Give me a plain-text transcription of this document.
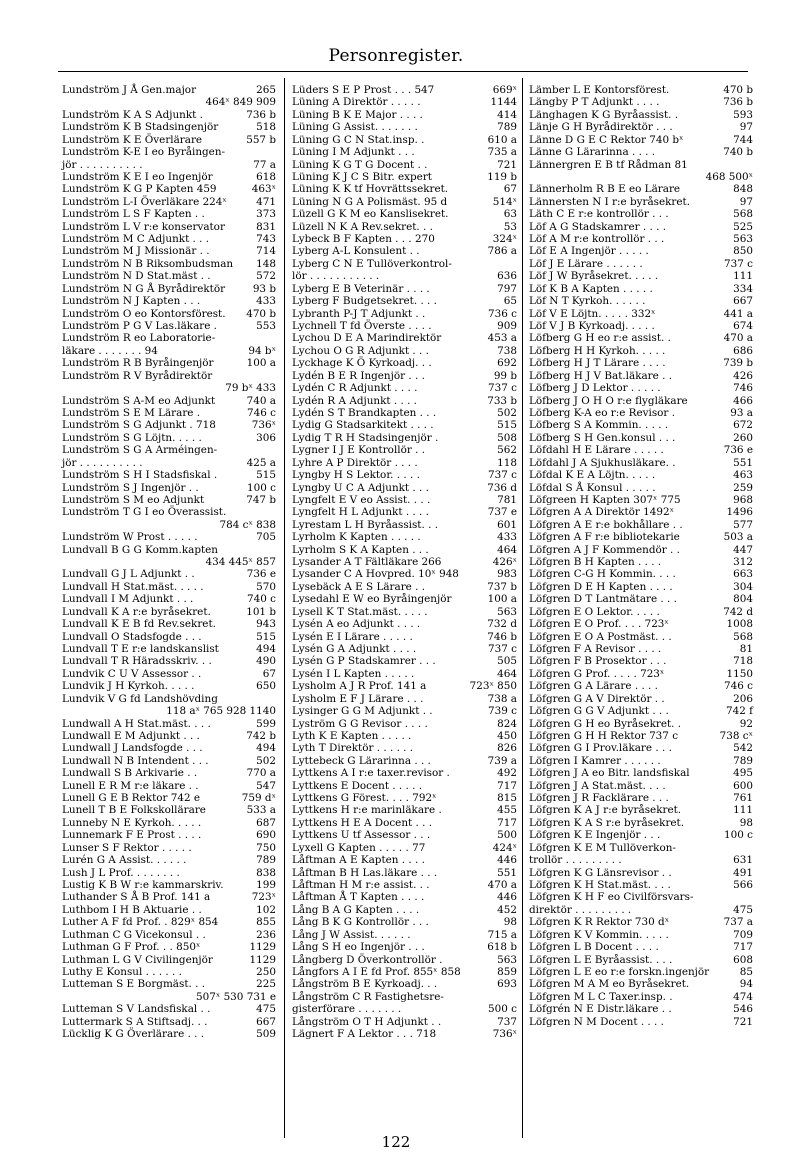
Personregister.
Lundström J Å Gen.major	265
464ˣ 849 909
Lundström K A S Adjunkt .	736 b
Lundström K B Stadsingenjör	518
Lundström K E Överlärare	557 b
Lundström K-E I eo Byråingen-
jör . . . . . . . . . .	77 a
Lundström K E I eo Ingenjör	618
Lundström K G P Kapten 459	463ˣ
Lundström L-I Överläkare 224ˣ	471
Lundström L S F Kapten . .	373
Lundström L V r:e konservator	831
Lundström M C Adjunkt . . .	743
Lundström M J Missionär . .	714
Lundström N B Riksombudsman	148
Lundström N D Stat.mäst . .	572
Lundström N G Å Byrådirektör	93 b
Lundström N J Kapten . . .	433
Lundström O eo Kontorsförest.	470 b
Lundström P G V Las.läkare .	553
Lundström R eo Laboratorie-
läkare . . . . . . . 94	94 bˣ
Lundström R B Byråingenjör	100 a
Lundström R V Byrådirektör
79 bˣ 433
Lundström S A-M eo Adjunkt	740 a
Lundström S E M Lärare .	746 c
Lundström S G Adjunkt . 718	736ˣ
Lundström S G Löjtn. . . . .	306
Lundström S G A Arméingen-
jör . . . . . . . . . .	425 a
Lundström S H I Stadsfiskal .	515
Lundström S J Ingenjör . .	100 c
Lundström S M eo Adjunkt	747 b
Lundström T G I eo Överassist.
784 cˣ 838
Lundström W Prost . . . . .	705
Lundvall B G G Komm.kapten
434 445ˣ 857
Lundvall G J L Adjunkt . .	736 e
Lundvall H Stat.mäst. . . . .	570
Lundvall I M Adjunkt . . .	740 c
Lundvall K A r:e byråsekret.	101 b
Lundvall K E B fd Rev.sekret.	943
Lundvall O Stadsfogde . . .	515
Lundvall T E r:e landskanslist	494
Lundvall T R Häradsskriv. . .	490
Lundvik C U V Assessor . .	67
Lundvik J H Kyrkoh. . . . .	650
Lundvik V G fd Landshövding
118 aˣ 765 928 1140
Lundwall A H Stat.mäst. . . .	599
Lundwall E M Adjunkt . . .	742 b
Lundwall J Landsfogde . . .	494
Lundwall N B Intendent . . .	502
Lundwall S B Arkivarie . .	770 a
Lunell E R M r:e läkare . .	547
Lunell G E B Rektor 742 e	759 dˣ
Lunell T B E Folkskollärare	533 a
Lunneby N E Kyrkoh. . . . .	687
Lunnemark F E Prost . . . .	690
Lunser S F Rektor . . . . .	750
Lurén G A Assist. . . . . .	789
Lush J L Prof. . . . . . . .	838
Lustig K B W r:e kammarskriv.	199
Luthander S Å B Prof. 141 a	723ˣ
Luthbom I H B Aktuarie . .	102
Luther A F fd Prof. . 829ˣ 854	855
Luthman C G Vicekonsul . .	236
Luthman G F Prof. . . 850ˣ	1129
Luthman L G V Civilingenjör	1129
Luthy E Konsul . . . . . .	250
Lutteman S E Borgmäst. . .	225
507ˣ 530 731 e
Lutteman S V Landsfiskal . .	475
Luttermark S A Stiftsadj. . .	667
Lücklig K G Överlärare . . .	509
Lüders S E P Prost . . . 547	669ˣ
Lüning A Direktör . . . . .	1144
Lüning B K E Major . . . .	414
Lüning G Assist. . . . . . .	789
Lüning G C N Stat.insp. .	610 a
Lüning I M Adjunkt . . .	735 a
Lüning K G T G Docent . .	721
Lüning K J C S Bitr. expert	119 b
Lüning K K tf Hovrättssekret.	67
Lüning N G A Polismäst. 95 d	514ˣ
Lüzell G K M eo Kanslisekret.	63
Lüzell N K A Rev.sekret. . .	53
Lybeck B F Kapten . . . 270	324ˣ
Lyberg A-L Konsulent . .	786 a
Lyberg C N E Tullöverkontrol-
lör . . . . . . . . . . .	636
Lyberg E B Veterinär . . . .	797
Lyberg F Budgetsekret. . . .	65
Lybranth P-J T Adjunkt . .	736 c
Lychnell T fd Överste . . . .	909
Lychou D E A Marindirektör	453 a
Lychou O G R Adjunkt . . .	738
Lyckhage K Ö Kyrkoadj. . .	692
Lydén B E R Ingenjör . . .	99 b
Lydén C R Adjunkt . . . .	737 c
Lydén R A Adjunkt . . . .	733 b
Lydén S T Brandkapten . . .	502
Lydig G Stadsarkitekt . . . .	515
Lydig T R H Stadsingenjör .	508
Lygner I J E Kontrollör . .	562
Lyhre A P Direktör . . . .	118
Lyngby H S Lektor. . . . .	737 c
Lyngby U C A Adjunkt . . .	736 d
Lyngfelt E V eo Assist. . . .	781
Lyngfelt H L Adjunkt . . . .	737 e
Lyrestam L H Byråassist. . .	601
Lyrholm K Kapten . . . . .	433
Lyrholm S K A Kapten . . .	464
Lysander A T Fältläkare 266	426ˣ
Lysander C A Hovpred. 10ˣ 948	983
Lysebäck A E S Lärare . .	737 b
Lysedahl E W eo Byråingenjör	100 a
Lysell K T Stat.mäst. . . . .	563
Lysén A eo Adjunkt . . . .	732 d
Lysén E I Lärare . . . . .	746 b
Lysén G A Adjunkt . . . .	737 c
Lysén G P Stadskamrer . . .	505
Lysén I L Kapten . . . . .	464
Lysholm A J R Prof. 141 a	723ˣ 850
Lysholm E F J Lärare . . .	738 a
Lysinger G G M Adjunkt . .	739 c
Lyström G G Revisor . . . .	824
Lyth K E Kapten . . . . .	450
Lyth T Direktör . . . . . .	826
Lyttebeck G Lärarinna . . .	739 a
Lyttkens A I r:e taxer.revisor .	492
Lyttkens E Docent . . . . .	717
Lyttkens G Förest. . . . 792ˣ	815
Lyttkens H r:e marinläkare .	455
Lyttkens H E A Docent . . .	717
Lyttkens U tf Assessor . . .	500
Lyxell G Kapten . . . . . 77	424ˣ
Låftman A E Kapten . . . .	446
Låftman B H Las.läkare . . .	551
Låftman H M r:e assist. . .	470 a
Låftman Å T Kapten . . . .	446
Lång B A G Kapten . . . .	452
Lång B K G Kontrollör . . .	98
Lång J W Assist. . . . . .	715 a
Lång S H eo Ingenjör . . .	618 b
Långberg D Överkontrollör .	563
Långfors A I E fd Prof. 855ˣ 858	859
Långström B E Kyrkoadj. . .	693
Långström C R Fastighetsre-
gisterförare . . . . . . .	500 c
Långström O T H Adjunkt . .	737
Lägnert F A Lektor . . . 718	736ˣ
Lämber L E Kontorsförest.	470 b
Längby P T Adjunkt . . . .	736 b
Länghagen K G Byråassist. .	593
Länje G H Byrådirektör . . .	97
Länne D G E C Rektor 740 bˣ	744
Länne G Lärarinna . . . .	740 b
Lännergren E B tf Rådman 81
468 500ˣ
Lännerholm R B E eo Lärare	848
Lännersten N I r:e byråsekret.	97
Läth C E r:e kontrollör . . .	568
Löf A G Stadskamrer . . . .	525
Löf A M r:e kontrollör . . .	563
Löf E A Ingenjör . . . . .	850
Löf J E Lärare . . . . . .	737 c
Löf J W Byråsekret. . . . .	111
Löf K B A Kapten . . . . .	334
Löf N T Kyrkoh. . . . . .	667
Löf V E Löjtn. . . . . 332ˣ	441 a
Löf V J B Kyrkoadj. . . . .	674
Löfberg G H eo r:e assist. .	470 a
Löfberg H H Kyrkoh. . . . .	686
Löfberg H J T Lärare . . . .	739 b
Löfberg H J V Bat.läkare . .	426
Löfberg J D Lektor . . . . .	746
Löfberg J O H O r:e flygläkare	466
Löfberg K-A eo r:e Revisor .	93 a
Löfberg S A Kommin. . . . .	672
Löfberg S H Gen.konsul . . .	260
Löfdahl H E Lärare . . . . .	736 e
Löfdahl J A Sjukhusläkare. .	551
Löfdal K E A Löjtn. . . . .	463
Löfdal S Å Konsul . . . . .	259
Löfgreen H Kapten 307ˣ 775	968
Löfgren A A Direktör 1492ˣ	1496
Löfgren A E r:e bokhållare . .	577
Löfgren A F r:e bibliotekarie	503 a
Löfgren A J F Kommendör . .	447
Löfgren B H Kapten . . . .	312
Löfgren C-G H Kommin. . . .	663
Löfgren D E H Kapten . . . .	304
Löfgren D T Lantmätare . . .	804
Löfgren E O Lektor. . . . .	742 d
Löfgren E O Prof. . . . 723ˣ	1008
Löfgren E O A Postmäst. . .	568
Löfgren F A Revisor . . . .	81
Löfgren F B Prosektor . . .	718
Löfgren G Prof. . . . . 723ˣ	1150
Löfgren G A Lärare . . . .	746 c
Löfgren G A V Direktör . .	206
Löfgren G G V Adjunkt . . .	742 f
Löfgren G H eo Byråsekret. .	92
Löfgren G H H Rektor 737 c	738 cˣ
Löfgren G I Prov.läkare . . .	542
Löfgren I Kamrer . . . . . .	789
Löfgren J A eo Bitr. landsfiskal	495
Löfgren J A Stat.mäst. . . .	600
Löfgren J R Facklärare . . .	761
Löfgren K A J r:e byråsekret.	111
Löfgren K A S r:e byråsekret.	98
Löfgren K E Ingenjör . . .	100 c
Löfgren K E M Tullöverkon-
trollör . . . . . . . . .	631
Löfgren K G Länsrevisor . .	491
Löfgren K H Stat.mäst. . . .	566
Löfgren K H F eo Civilförsvars-
direktör . . . . . . . . .	475
Löfgren K R Rektor 730 dˣ	737 a
Löfgren K V Kommin. . . . .	709
Löfgren L B Docent . . . .	717
Löfgren L E Byråassist. . . .	608
Löfgren L E eo r:e forskn.ingenjör	85
Löfgren M A M eo Byråsekret.	94
Löfgren M L C Taxer.insp. .	474
Löfgrén N E Distr.läkare . .	546
Löfgren N M Docent . . . .	721
122
